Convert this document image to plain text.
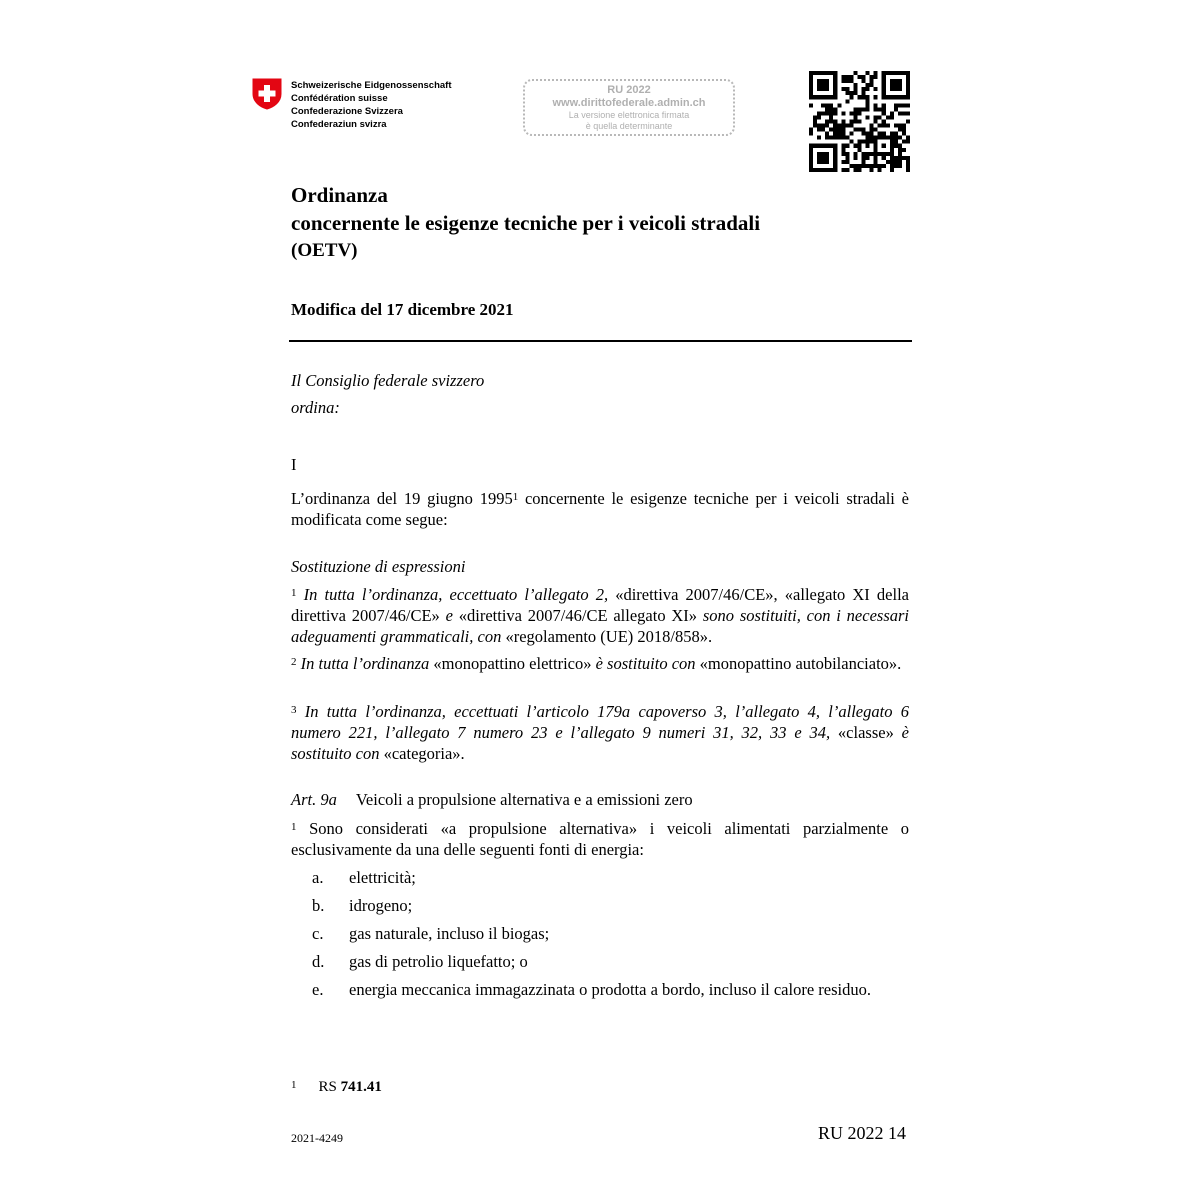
Schweizerische Eidgenossenschaft
Confédération suisse
Confederazione Svizzera
Confederaziun svizra
RU 2022
www.dirittofederale.admin.ch
La versione elettronica firmata
è quella determinante
Ordinanza
concernente le esigenze tecniche per i veicoli stradali
(OETV)
Modifica del 17 dicembre 2021
Il Consiglio federale svizzero
ordina:
I
L’ordinanza del 19 giugno 1995$^1$ concernente le esigenze tecniche per i veicoli stradali è modificata come segue:
Sostituzione di espressioni
$^1$ In tutta l’ordinanza, eccettuato l’allegato 2, «direttiva 2007/46/CE», «allegato XI della direttiva 2007/46/CE» e «direttiva 2007/46/CE allegato XI» sono sostituiti, con i necessari adeguamenti grammaticali, con «regolamento (UE) 2018/858».
$^2$ In tutta l’ordinanza «monopattino elettrico» è sostituito con «monopattino autobilanciato».
$^3$ In tutta l’ordinanza, eccettuati l’articolo 179a capoverso 3, l’allegato 4, l’allegato 6 numero 221, l’allegato 7 numero 23 e l’allegato 9 numeri 31, 32, 33 e 34, «classe» è sostituito con «categoria».
Art. 9a Veicoli a propulsione alternativa e a emissioni zero
$^1$ Sono considerati «a propulsione alternativa» i veicoli alimentati parzialmente o esclusivamente da una delle seguenti fonti di energia:
a. elettricità;
b. idrogeno;
c. gas naturale, incluso il biogas;
d. gas di petrolio liquefatto; o
e. energia meccanica immagazzinata o prodotta a bordo, incluso il calore residuo.
$^1$ RS 741.41
2021-4249	RU 2022 14
